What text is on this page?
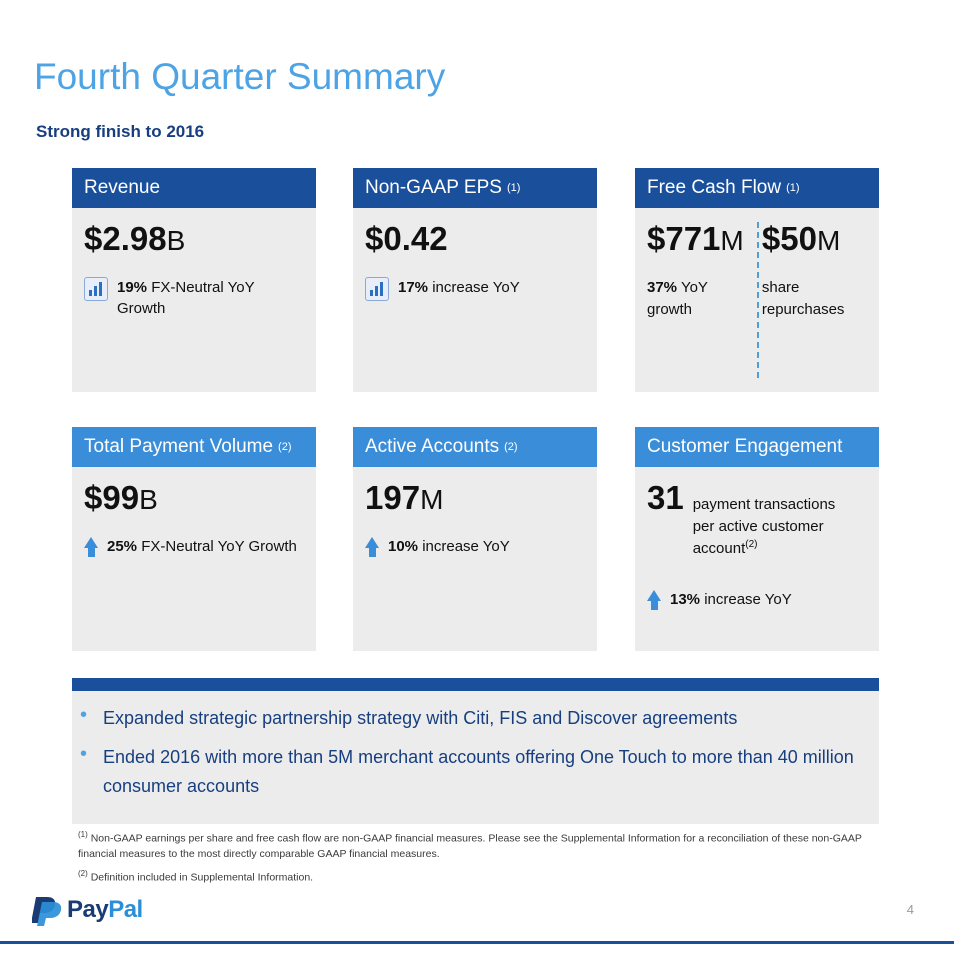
Fourth Quarter Summary
Strong finish to 2016
Revenue
$2.98B
19% FX-Neutral YoY Growth
Non-GAAP EPS (1)
$0.42
17% increase YoY
Free Cash Flow (1)
$771M
37% YoY growth
$50M
share repurchases
Total Payment Volume (2)
$99B
25% FX-Neutral YoY Growth
Active Accounts (2)
197M
10% increase YoY
Customer Engagement
31 payment transactions per active customer account$^{(2)}$
13% increase YoY
• Expanded strategic partnership strategy with Citi, FIS and Discover agreements
• Ended 2016 with more than 5M merchant accounts offering One Touch to more than 40 million consumer accounts

$^{(1)}$ Non-GAAP earnings per share and free cash flow are non-GAAP financial measures. Please see the Supplemental Information for a reconciliation of these non-GAAP financial measures to the most directly comparable GAAP financial measures.

$^{(2)}$ Definition included in Supplemental Information.

PayPal	4
